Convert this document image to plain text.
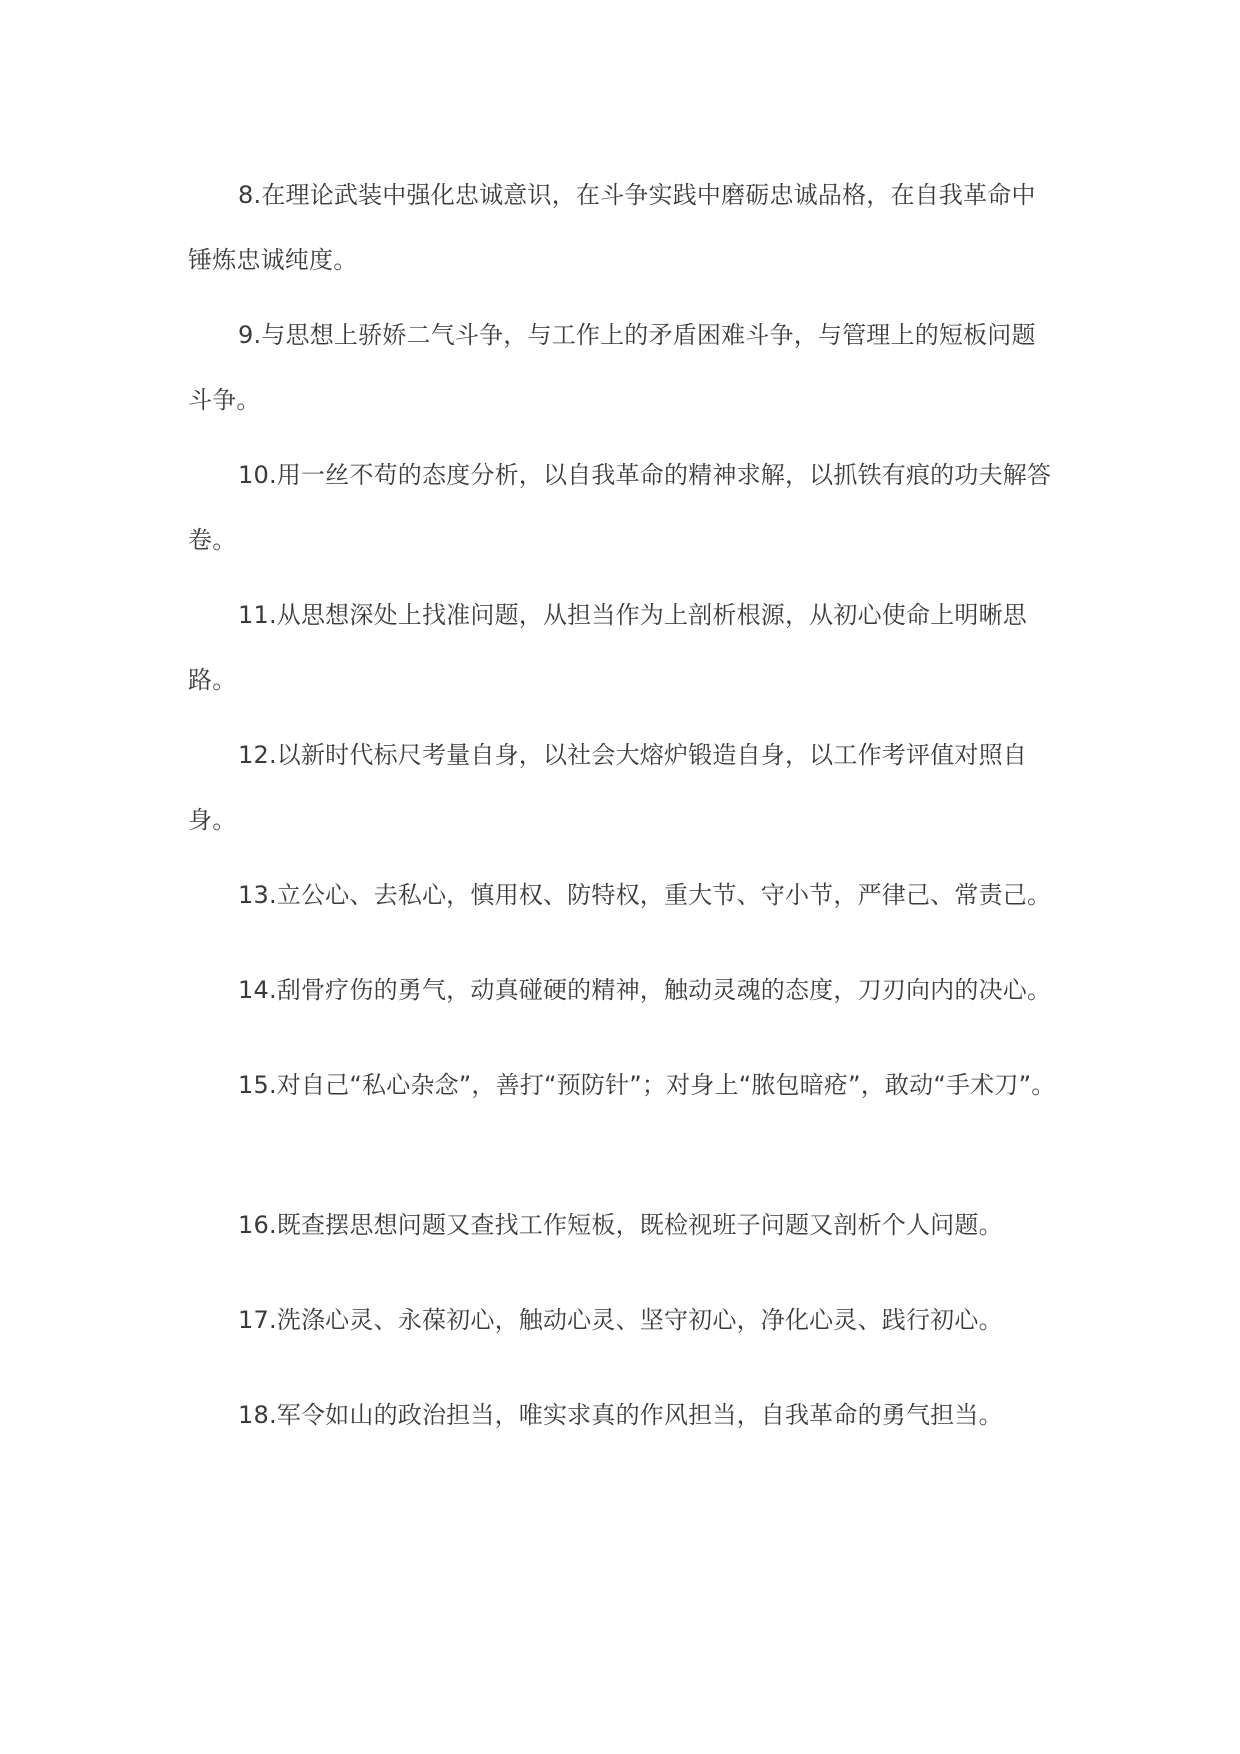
8.在理论武装中强化忠诚意识，在斗争实践中磨砺忠诚品格，在自我革命中锤炼忠诚纯度。

9.与思想上骄娇二气斗争，与工作上的矛盾困难斗争，与管理上的短板问题斗争。

10.用一丝不苟的态度分析，以自我革命的精神求解，以抓铁有痕的功夫解答卷。

11.从思想深处上找准问题，从担当作为上剖析根源，从初心使命上明晰思路。

12.以新时代标尺考量自身，以社会大熔炉锻造自身，以工作考评值对照自身。

13.立公心、去私心，慎用权、防特权，重大节、守小节，严律己、常责己。

14.刮骨疗伤的勇气，动真碰硬的精神，触动灵魂的态度，刀刃向内的决心。

15.对自己“私心杂念”，善打“预防针”；对身上“脓包暗疮”，敢动“手术刀”。

16.既查摆思想问题又查找工作短板，既检视班子问题又剖析个人问题。

17.洗涤心灵、永葆初心，触动心灵、坚守初心，净化心灵、践行初心。

18.军令如山的政治担当，唯实求真的作风担当，自我革命的勇气担当。
